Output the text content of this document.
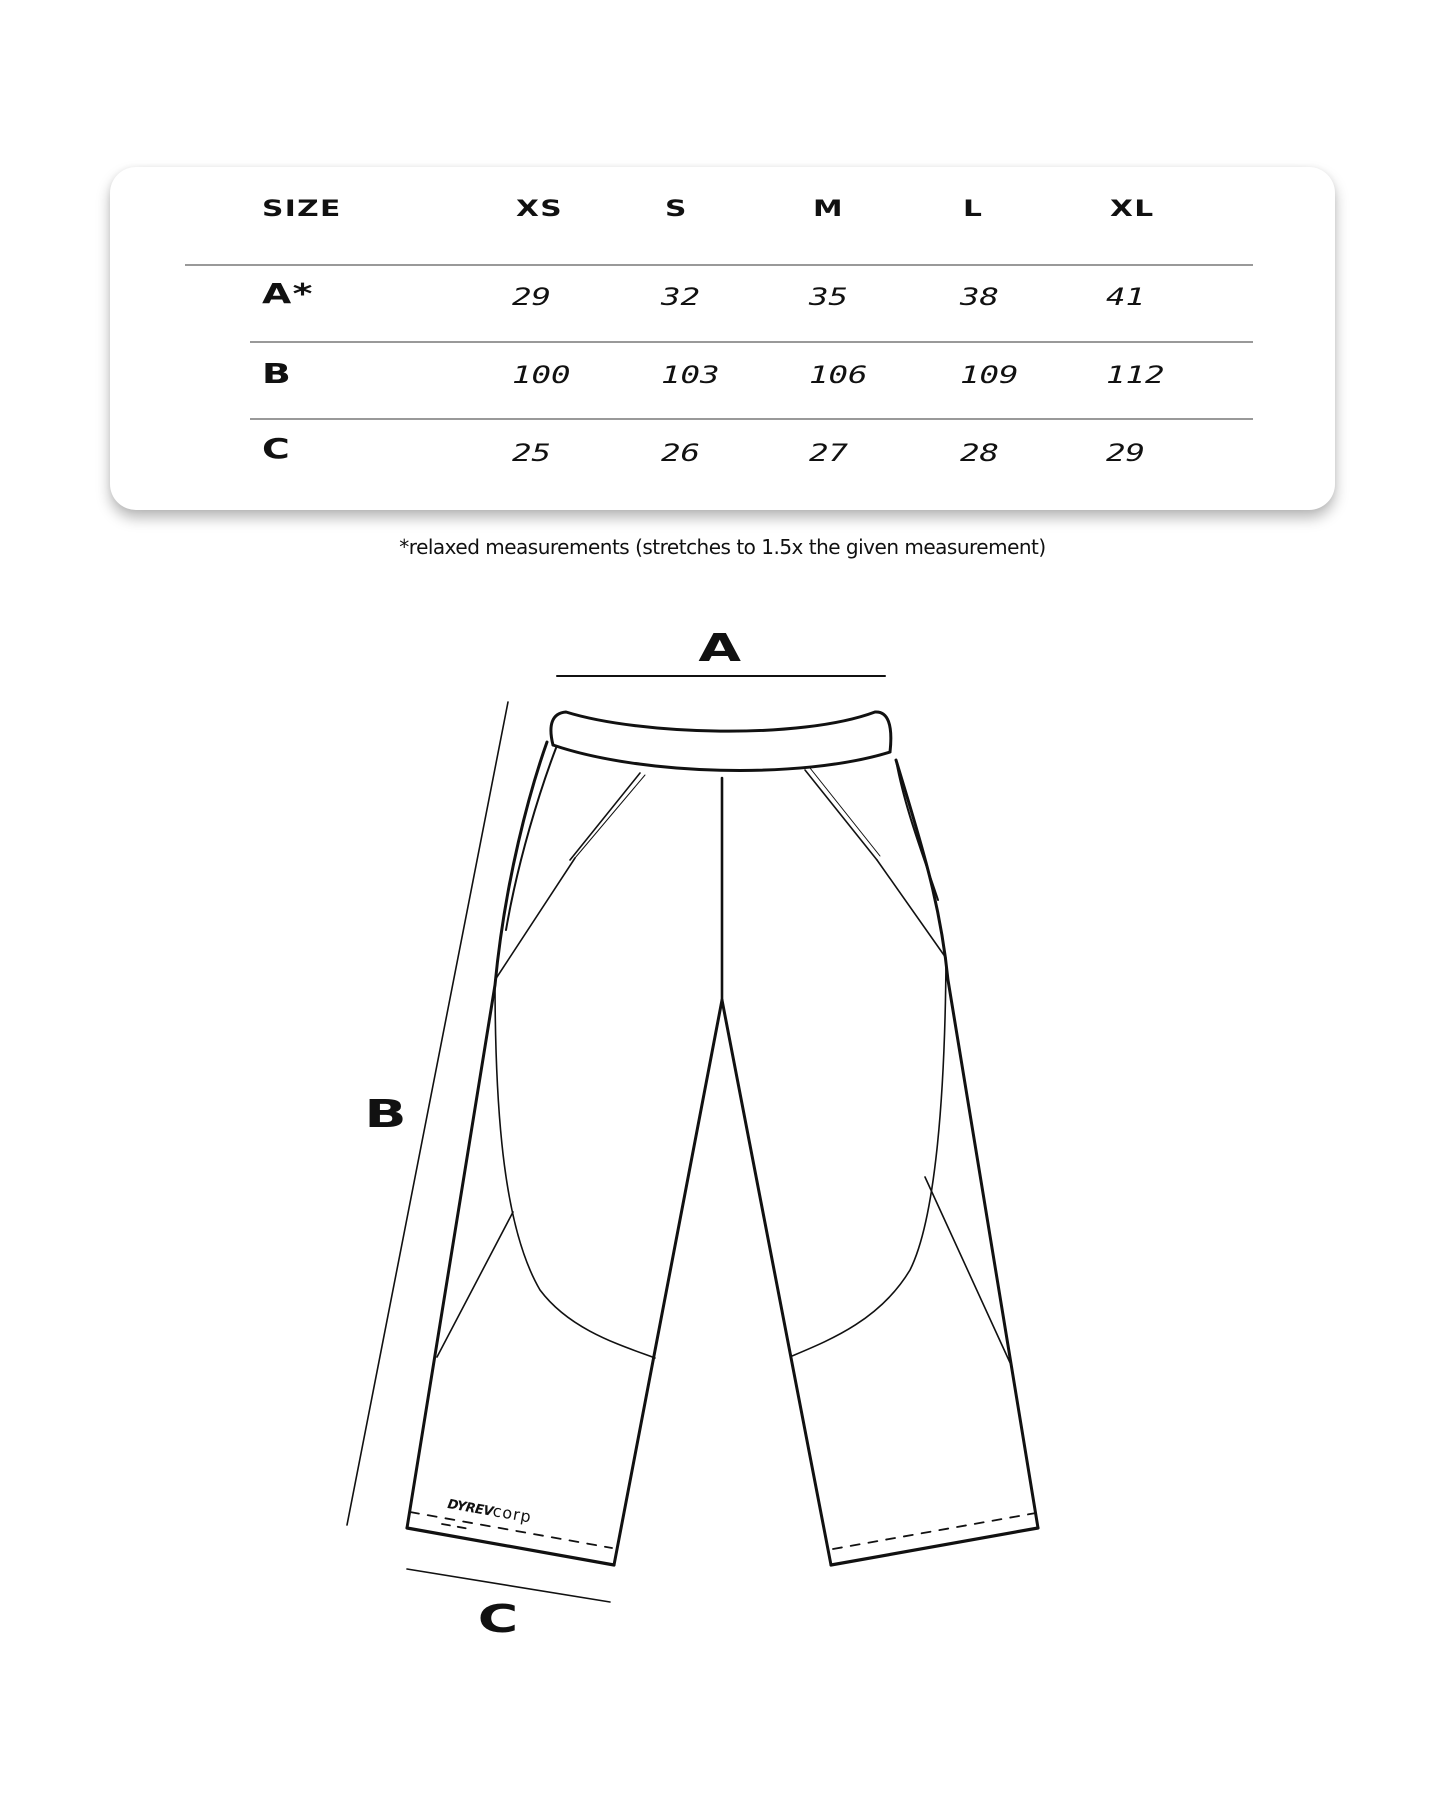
SIZE	XS	S	M	L	XL
A*	29	32	35	38	41
B	100	103	106	109	112
C	25	26	27	28	29
*relaxed measurements (stretches to 1.5x the given measurement)
DYREVcorp
A
B
C
